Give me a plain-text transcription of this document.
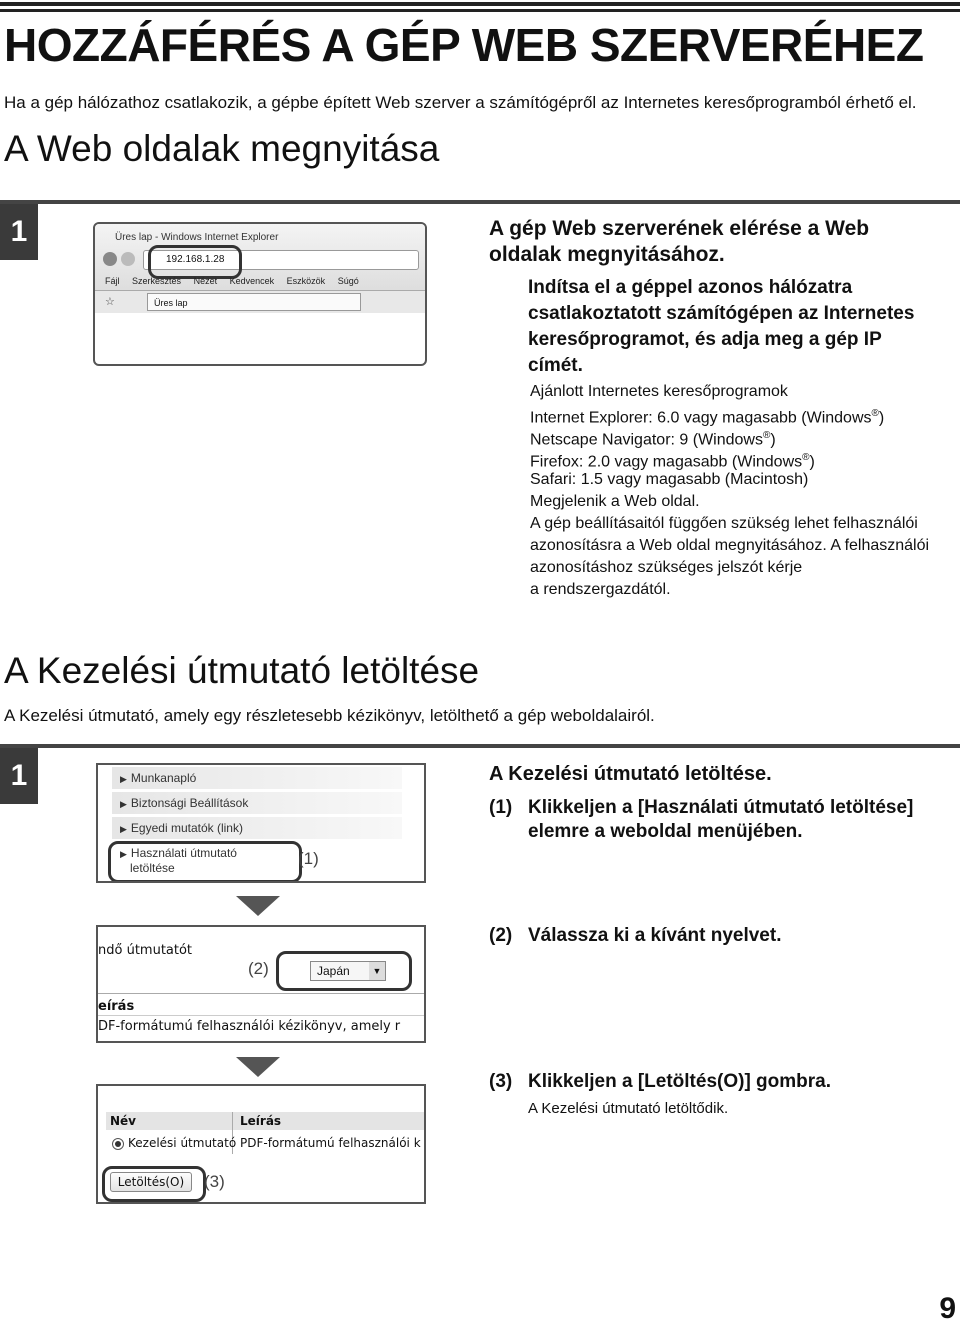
HOZZÁFÉRÉS A GÉP WEB SZERVERÉHEZ
Ha a gép hálózathoz csatlakozik, a gépbe épített Web szerver a számítógépről az Internetes keresőprogramból érhető el.
A Web oldalak megnyitása
1	Üres lap - Windows Internet Explorer
192.168.1.28
Fájl Szerkesztés Nézet Kedvencek Eszközök Súgó
☆	Üres lap
A gép Web szerverének elérése a Web
oldalak megnyitásához.
Indítsa el a géppel azonos hálózatra
csatlakoztatott számítógépen az Internetes
keresőprogramot, és adja meg a gép IP
címét.
Ajánlott Internetes keresőprogramok
Internet Explorer: 6.0 vagy magasabb (Windows®)
Netscape Navigator: 9 (Windows®)
Firefox: 2.0 vagy magasabb (Windows®)
Safari: 1.5 vagy magasabb (Macintosh)
Megjelenik a Web oldal.
A gép beállításaitól függően szükség lehet felhasználói
azonosításra a Web oldal megnyitásához. A felhasználói
azonosításhoz szükséges jelszót kérje
a rendszergazdától.
A Kezelési útmutató letöltése
A Kezelési útmutató, amely egy részletesebb kézikönyv, letölthető a gép weboldalairól.
1	▶ Munkanapló
▶ Biztonsági Beállítások
▶ Egyedi mutatók (link)
▶ Használati útmutató
letöltése	(1)
ndő útmutatót
(2)	Japán	▼
eírás
DF-formátumú felhasználói kézikönyv, amely r
Név	Leírás
Kezelési útmutató PDF-formátumú felhasználói k
Letöltés(O)	(3)
A Kezelési útmutató letöltése.
(1) Klikkeljen a [Használati útmutató letöltése]
elemre a weboldal menüjében.
(2) Válassza ki a kívánt nyelvet.
(3) Klikkeljen a [Letöltés(O)] gombra.
A Kezelési útmutató letöltődik.
9
